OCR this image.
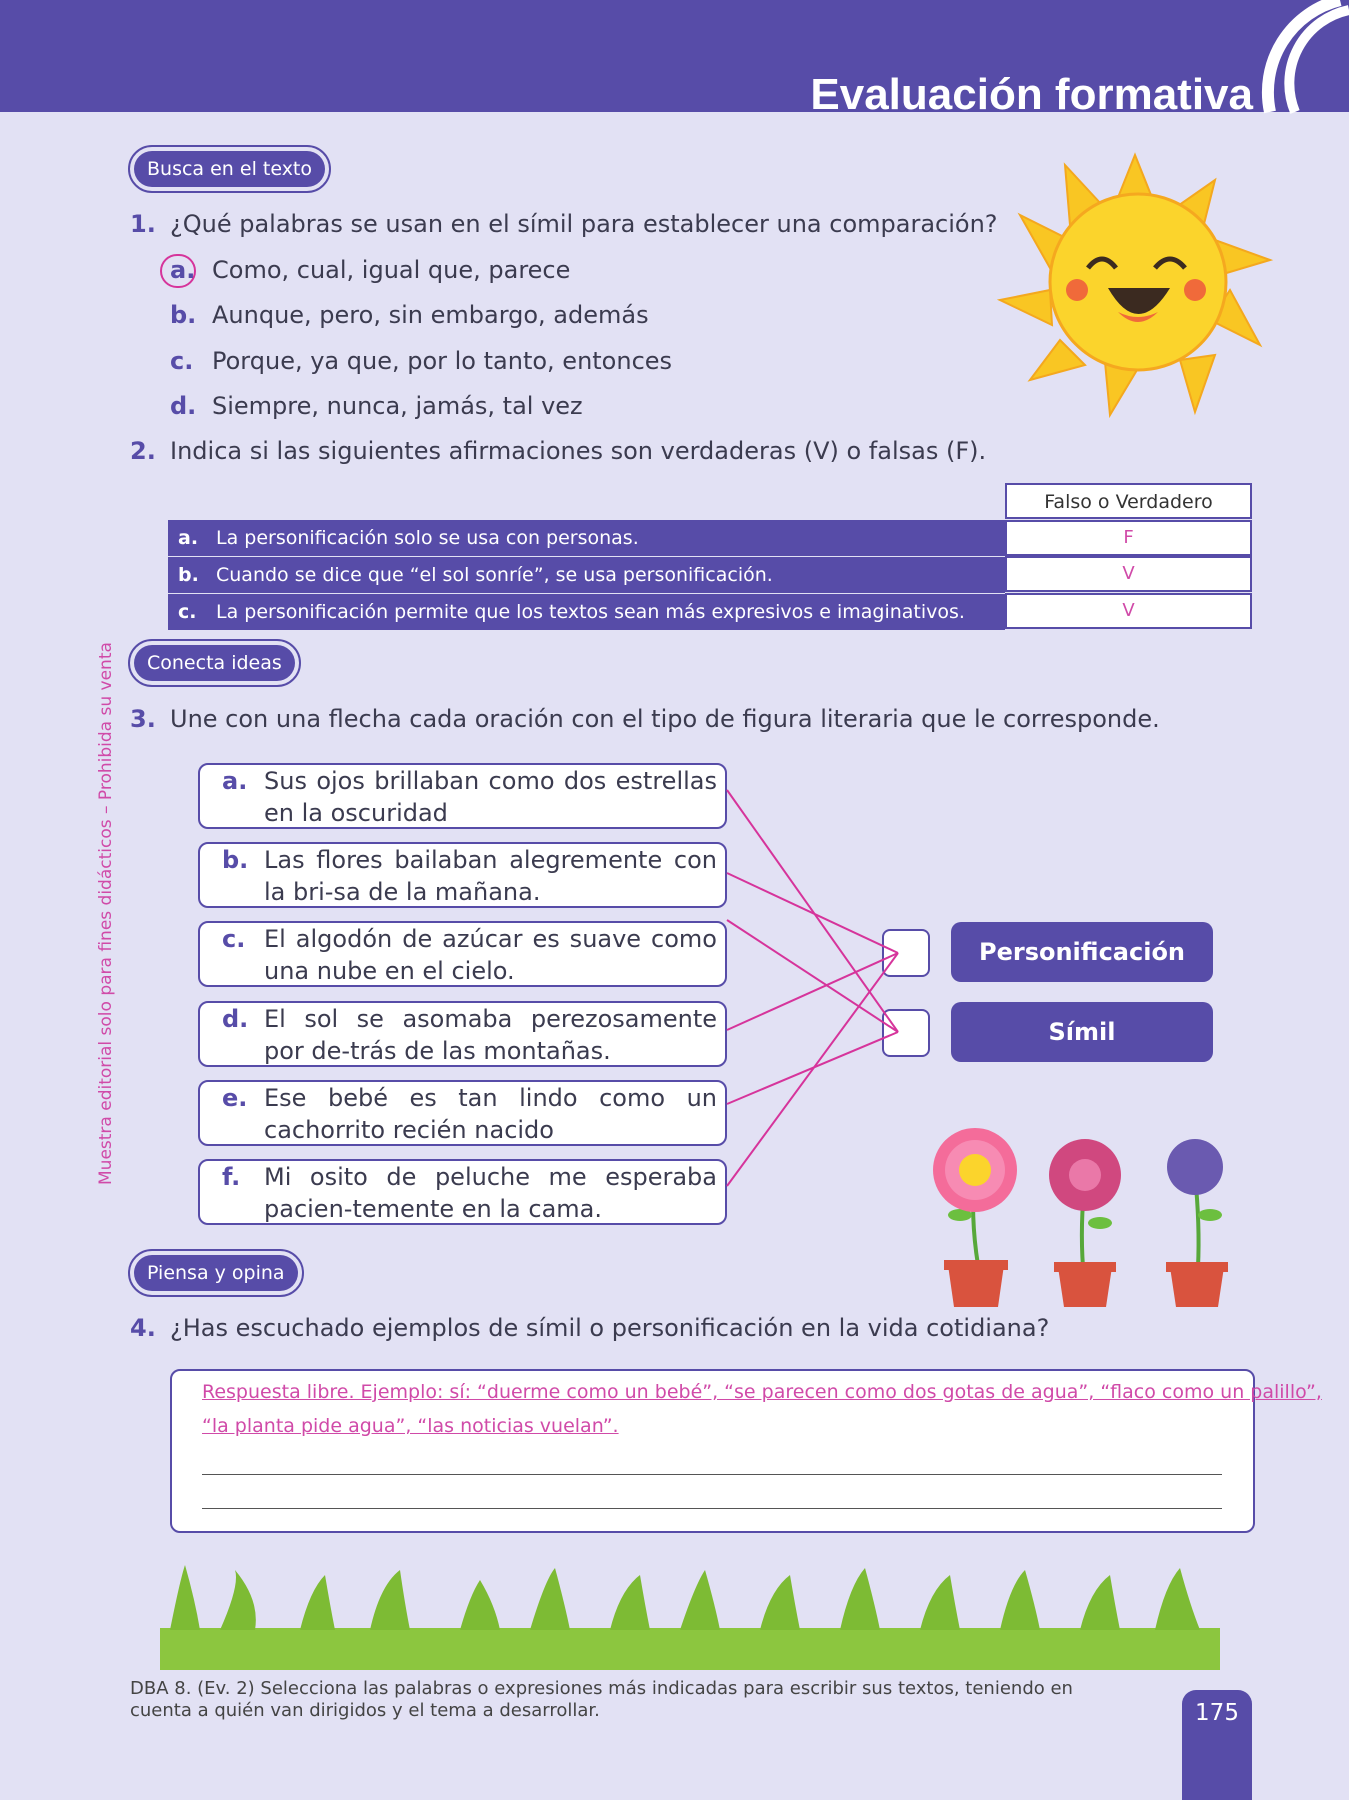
Evaluación formativa
Muestra editorial solo para fines didácticos – Prohibida su venta
Busca en el texto
1. ¿Qué palabras se usan en el símil para establecer una comparación?
a. Como, cual, igual que, parece
b. Aunque, pero, sin embargo, además
c. Porque, ya que, por lo tanto, entonces
d. Siempre, nunca, jamás, tal vez
2. Indica si las siguientes afirmaciones son verdaderas (V) o falsas (F).
Falso o Verdadero
a. La personificación solo se usa con personas.	F
b. Cuando se dice que “el sol sonríe”, se usa personificación.	V
c. La personificación permite que los textos sean más expresivos e imaginativos.	V
Conecta ideas
3. Une con una flecha cada oración con el tipo de figura literaria que le corresponde.
a. Sus ojos brillaban como dos estrellas en la oscuridad
b. Las flores bailaban alegremente con la bri-sa de la mañana.
c. El algodón de azúcar es suave como una nube en el cielo.
d. El sol se asomaba perezosamente por de-trás de las montañas.
e. Ese bebé es tan lindo como un cachorrito recién nacido
f. Mi osito de peluche me esperaba pacien-temente en la cama.
Personificación
Símil
Piensa y opina
4. ¿Has escuchado ejemplos de símil o personificación en la vida cotidiana?
Respuesta libre. Ejemplo: sí: “duerme como un bebé”, “se parecen como dos gotas de agua”, “flaco como un palillo”,
“la planta pide agua”, “las noticias vuelan”.
DBA 8. (Ev. 2) Selecciona las palabras o expresiones más indicadas para escribir sus textos, teniendo en cuenta a quién van dirigidos y el tema a desarrollar.	175
